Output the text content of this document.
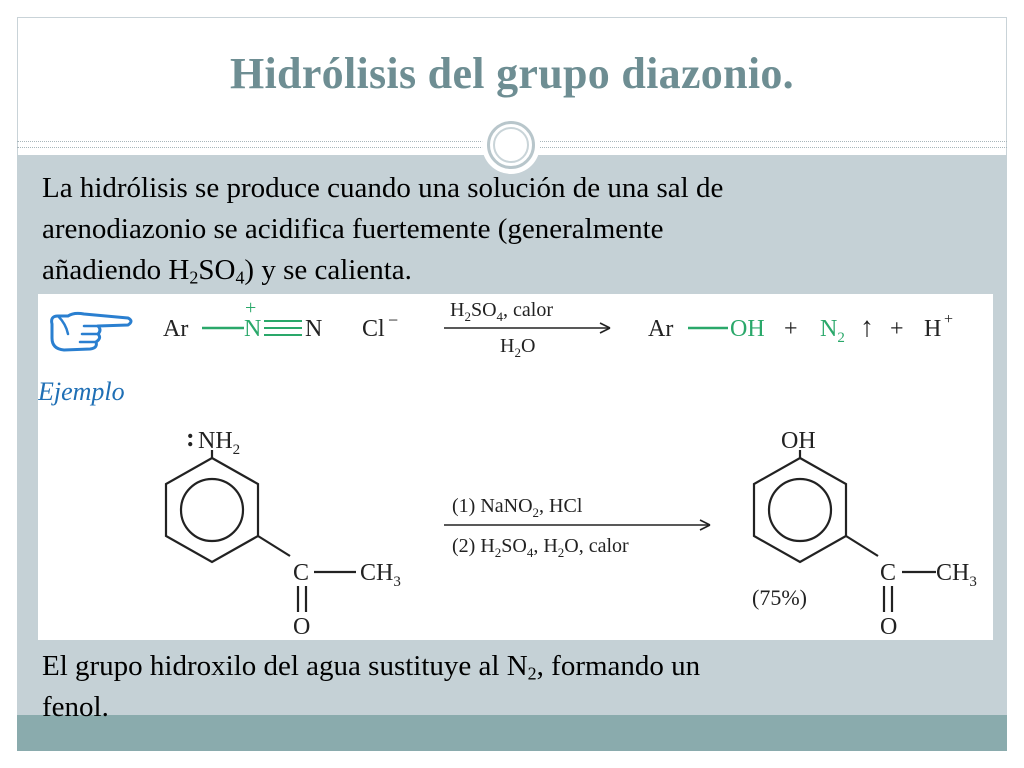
Hidrólisis del grupo diazonio.
La hidrólisis se produce cuando una solución de una sal de
arenodiazonio se acidifica fuertemente (generalmente
añadiendo $H_2SO_4$) y se calienta.
Ar
+
N N Cl −	$H_2SO_4$, calor
$H_2O$
Ar OH + $N_2$ ↑ + H +
Ejemplo
: $NH_2$
C $CH_3$
O
(1) NaNO$_2$, HCl
(2) $H_2SO_4$, $H_2O$, calor
OH
(75%)
C $CH_3$
O
El grupo hidroxilo del agua sustituye al $N_2$, formando un
fenol.
